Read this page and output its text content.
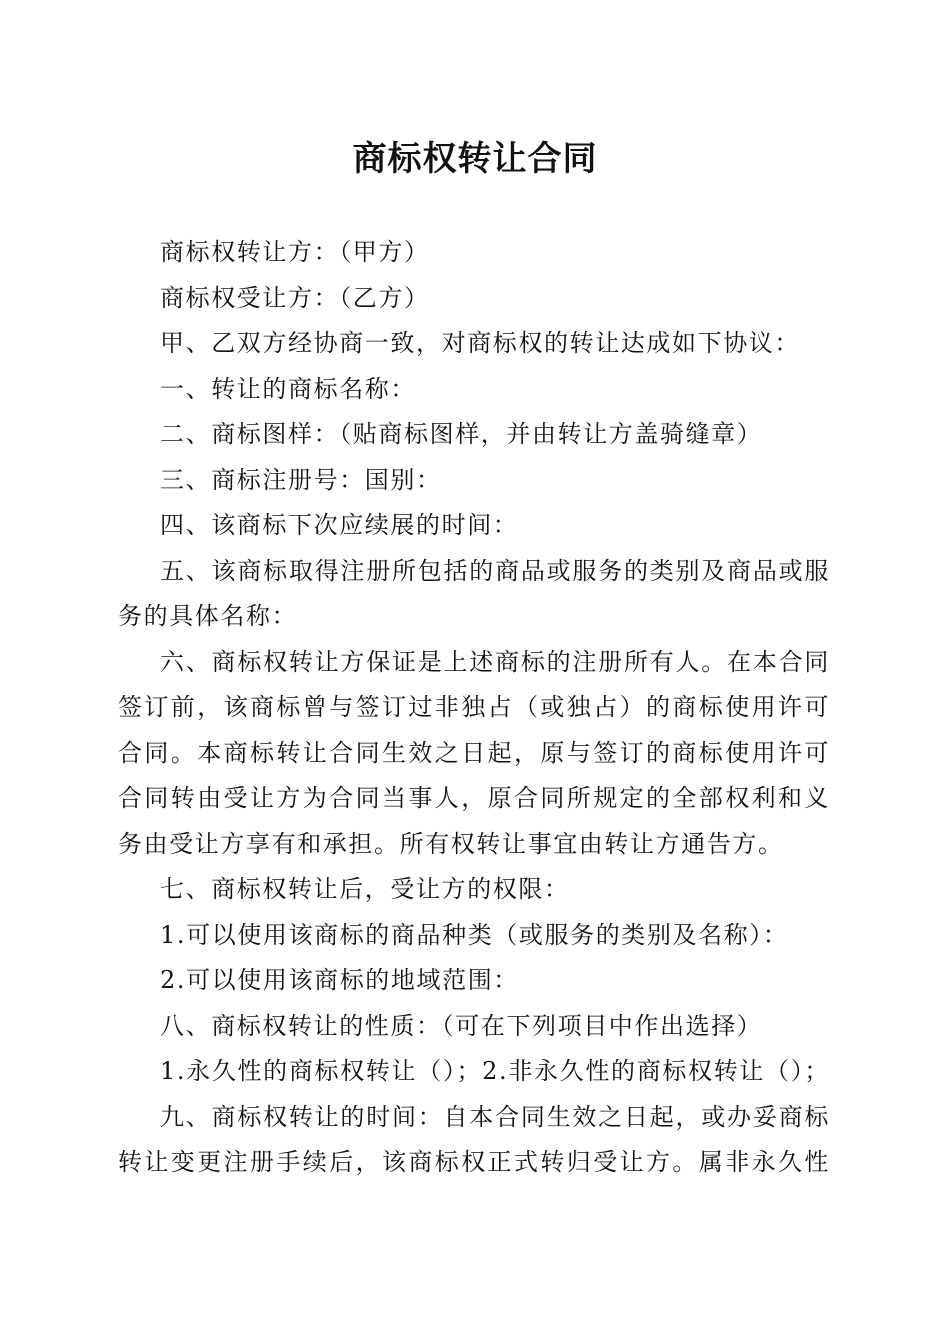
商标权转让合同
商标权转让方：（甲方）
商标权受让方：（乙方）
甲、乙双方经协商一致，对商标权的转让达成如下协议：
一、转让的商标名称：
二、商标图样：（贴商标图样，并由转让方盖骑缝章）
三、商标注册号：国别：
四、该商标下次应续展的时间：
五、该商标取得注册所包括的商品或服务的类别及商品或服
务的具体名称：
六、商标权转让方保证是上述商标的注册所有人。在本合同
签订前，该商标曾与签订过非独占（或独占）的商标使用许可
合同。本商标转让合同生效之日起，原与签订的商标使用许可
合同转由受让方为合同当事人，原合同所规定的全部权利和义
务由受让方享有和承担。所有权转让事宜由转让方通告方。
七、商标权转让后，受让方的权限：
1.可以使用该商标的商品种类（或服务的类别及名称）：
2.可以使用该商标的地域范围：
八、商标权转让的性质：（可在下列项目中作出选择）
1.永久性的商标权转让（）；2.非永久性的商标权转让（）；
九、商标权转让的时间：自本合同生效之日起，或办妥商标
转让变更注册手续后，该商标权正式转归受让方。属非永久性
